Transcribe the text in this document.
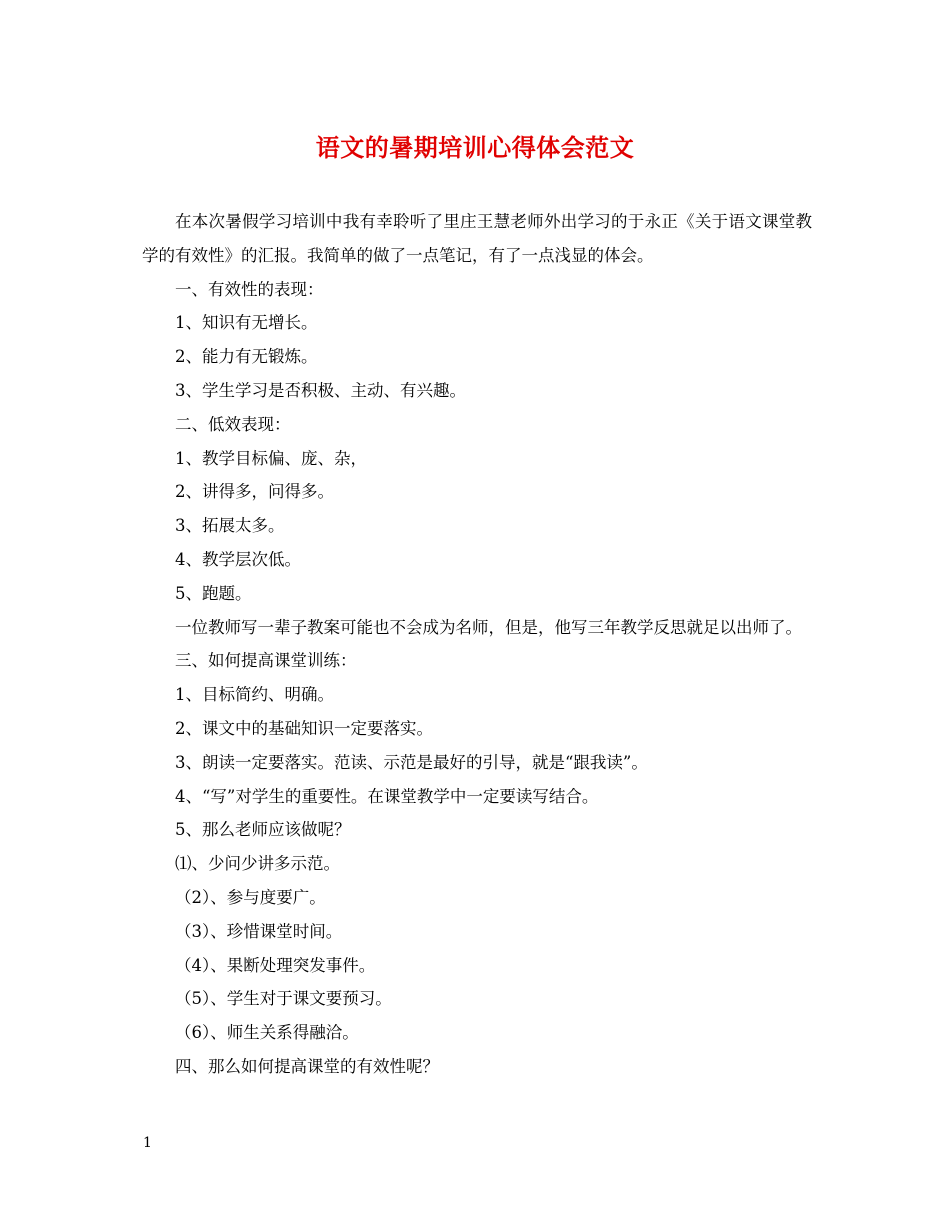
语文的暑期培训心得体会范文

在本次暑假学习培训中我有幸聆听了里庄王慧老师外出学习的于永正《关于语文课堂教学的有效性》的汇报。我简单的做了一点笔记，有了一点浅显的体会。

一、有效性的表现：

1、知识有无增长。

2、能力有无锻炼。

3、学生学习是否积极、主动、有兴趣。

二、低效表现：

1、教学目标偏、庞、杂，

2、讲得多，问得多。

3、拓展太多。

4、教学层次低。

5、跑题。

一位教师写一辈子教案可能也不会成为名师，但是，他写三年教学反思就足以出师了。

三、如何提高课堂训练：

1、目标简约、明确。

2、课文中的基础知识一定要落实。

3、朗读一定要落实。范读、示范是最好的引导，就是“跟我读”。

4、“写”对学生的重要性。在课堂教学中一定要读写结合。

5、那么老师应该做呢？

⑴、少问少讲多示范。

（2）、参与度要广。

（3）、珍惜课堂时间。

（4）、果断处理突发事件。

（5）、学生对于课文要预习。

（6）、师生关系得融洽。

四、那么如何提高课堂的有效性呢？

1
